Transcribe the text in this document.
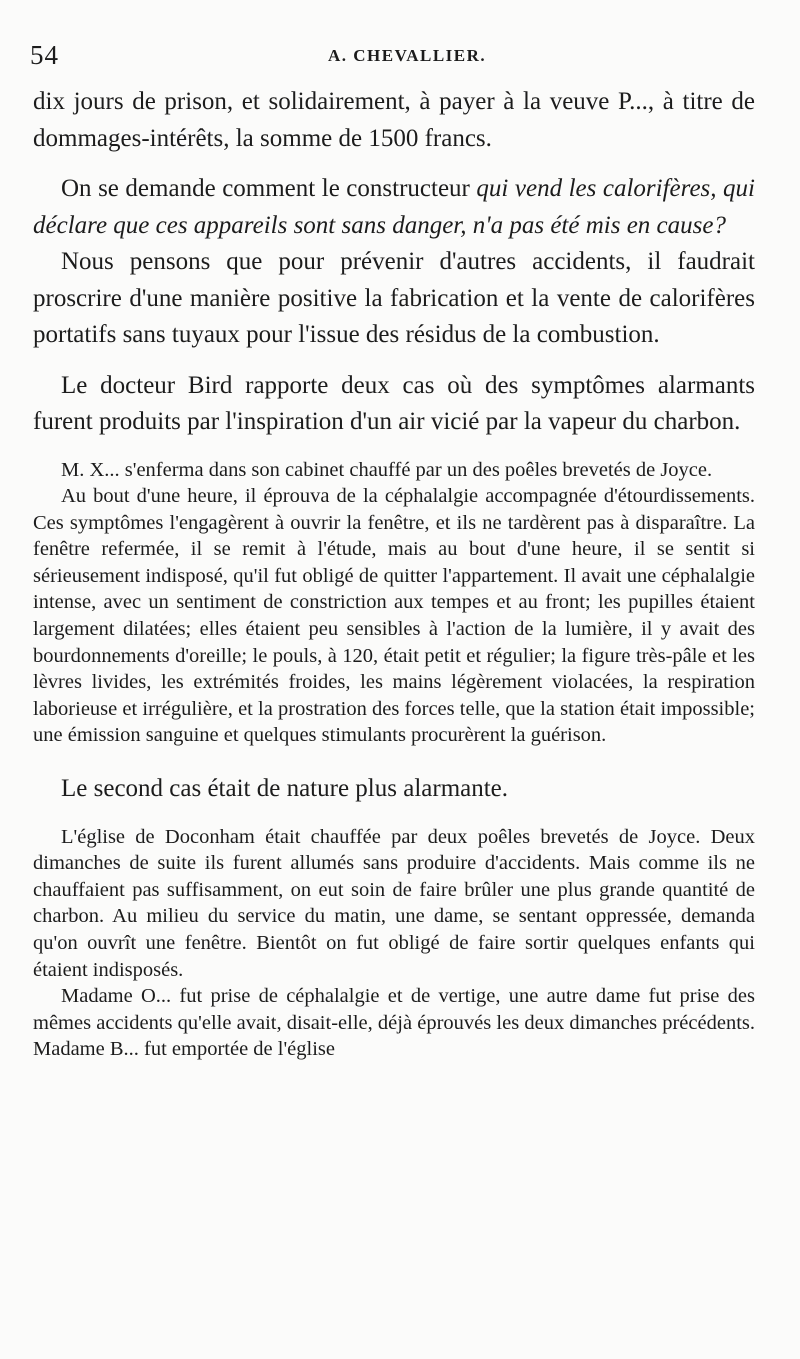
54	A. CHEVALLIER.

dix jours de prison, et solidairement, à payer à la veuve P..., à titre de dommages-intérêts, la somme de 1500 francs.

On se demande comment le constructeur qui vend les calorifères, qui déclare que ces appareils sont sans danger, n'a pas été mis en cause?

Nous pensons que pour prévenir d'autres accidents, il faudrait proscrire d'une manière positive la fabrication et la vente de calorifères portatifs sans tuyaux pour l'issue des résidus de la combustion.

Le docteur Bird rapporte deux cas où des symptômes alarmants furent produits par l'inspiration d'un air vicié par la vapeur du charbon.

M. X... s'enferma dans son cabinet chauffé par un des poêles brevetés de Joyce.

Au bout d'une heure, il éprouva de la céphalalgie accompagnée d'étourdissements. Ces symptômes l'engagèrent à ouvrir la fenêtre, et ils ne tardèrent pas à disparaître. La fenêtre refermée, il se remit à l'étude, mais au bout d'une heure, il se sentit si sérieusement indisposé, qu'il fut obligé de quitter l'appartement. Il avait une céphalalgie intense, avec un sentiment de constriction aux tempes et au front; les pupilles étaient largement dilatées; elles étaient peu sensibles à l'action de la lumière, il y avait des bourdonnements d'oreille; le pouls, à 120, était petit et régulier; la figure très-pâle et les lèvres livides, les extrémités froides, les mains légèrement violacées, la respiration laborieuse et irrégulière, et la prostration des forces telle, que la station était impossible; une émission sanguine et quelques stimulants procurèrent la guérison.

Le second cas était de nature plus alarmante.

L'église de Doconham était chauffée par deux poêles brevetés de Joyce. Deux dimanches de suite ils furent allumés sans produire d'accidents. Mais comme ils ne chauffaient pas suffisamment, on eut soin de faire brûler une plus grande quantité de charbon. Au milieu du service du matin, une dame, se sentant oppressée, demanda qu'on ouvrît une fenêtre. Bientôt on fut obligé de faire sortir quelques enfants qui étaient indisposés.

Madame O... fut prise de céphalalgie et de vertige, une autre dame fut prise des mêmes accidents qu'elle avait, disait-elle, déjà éprouvés les deux dimanches précédents. Madame B... fut emportée de l'église
